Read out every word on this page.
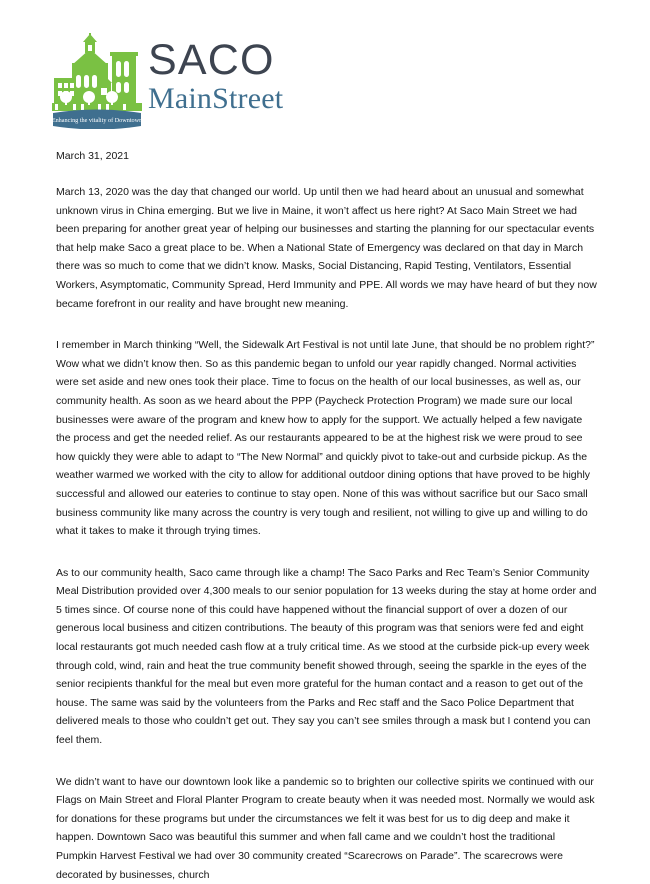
Enhancing the vitality of Downtown
SACO
MainStreet

March 31, 2021

March 13, 2020 was the day that changed our world. Up until then we had heard about an unusual and somewhat unknown virus in China emerging. But we live in Maine, it won’t affect us here right? At Saco Main Street we had been preparing for another great year of helping our businesses and starting the planning for our spectacular events that help make Saco a great place to be. When a National State of Emergency was declared on that day in March there was so much to come that we didn’t know. Masks, Social Distancing, Rapid Testing, Ventilators, Essential Workers, Asymptomatic, Community Spread, Herd Immunity and PPE. All words we may have heard of but they now became forefront in our reality and have brought new meaning.

I remember in March thinking “Well, the Sidewalk Art Festival is not until late June, that should be no problem right?” Wow what we didn’t know then. So as this pandemic began to unfold our year rapidly changed. Normal activities were set aside and new ones took their place. Time to focus on the health of our local businesses, as well as, our community health. As soon as we heard about the PPP (Paycheck Protection Program) we made sure our local businesses were aware of the program and knew how to apply for the support. We actually helped a few navigate the process and get the needed relief. As our restaurants appeared to be at the highest risk we were proud to see how quickly they were able to adapt to “The New Normal” and quickly pivot to take-out and curbside pickup. As the weather warmed we worked with the city to allow for additional outdoor dining options that have proved to be highly successful and allowed our eateries to continue to stay open. None of this was without sacrifice but our Saco small business community like many across the country is very tough and resilient, not willing to give up and willing to do what it takes to make it through trying times.

As to our community health, Saco came through like a champ! The Saco Parks and Rec Team’s Senior Community Meal Distribution provided over 4,300 meals to our senior population for 13 weeks during the stay at home order and 5 times since. Of course none of this could have happened without the financial support of over a dozen of our generous local business and citizen contributions. The beauty of this program was that seniors were fed and eight local restaurants got much needed cash flow at a truly critical time. As we stood at the curbside pick-up every week through cold, wind, rain and heat the true community benefit showed through, seeing the sparkle in the eyes of the senior recipients thankful for the meal but even more grateful for the human contact and a reason to get out of the house. The same was said by the volunteers from the Parks and Rec staff and the Saco Police Department that delivered meals to those who couldn’t get out. They say you can’t see smiles through a mask but I contend you can feel them.

We didn’t want to have our downtown look like a pandemic so to brighten our collective spirits we continued with our Flags on Main Street and Floral Planter Program to create beauty when it was needed most. Normally we would ask for donations for these programs but under the circumstances we felt it was best for us to dig deep and make it happen. Downtown Saco was beautiful this summer and when fall came and we couldn’t host the traditional Pumpkin Harvest Festival we had over 30 community created “Scarecrows on Parade”. The scarecrows were decorated by businesses, church
